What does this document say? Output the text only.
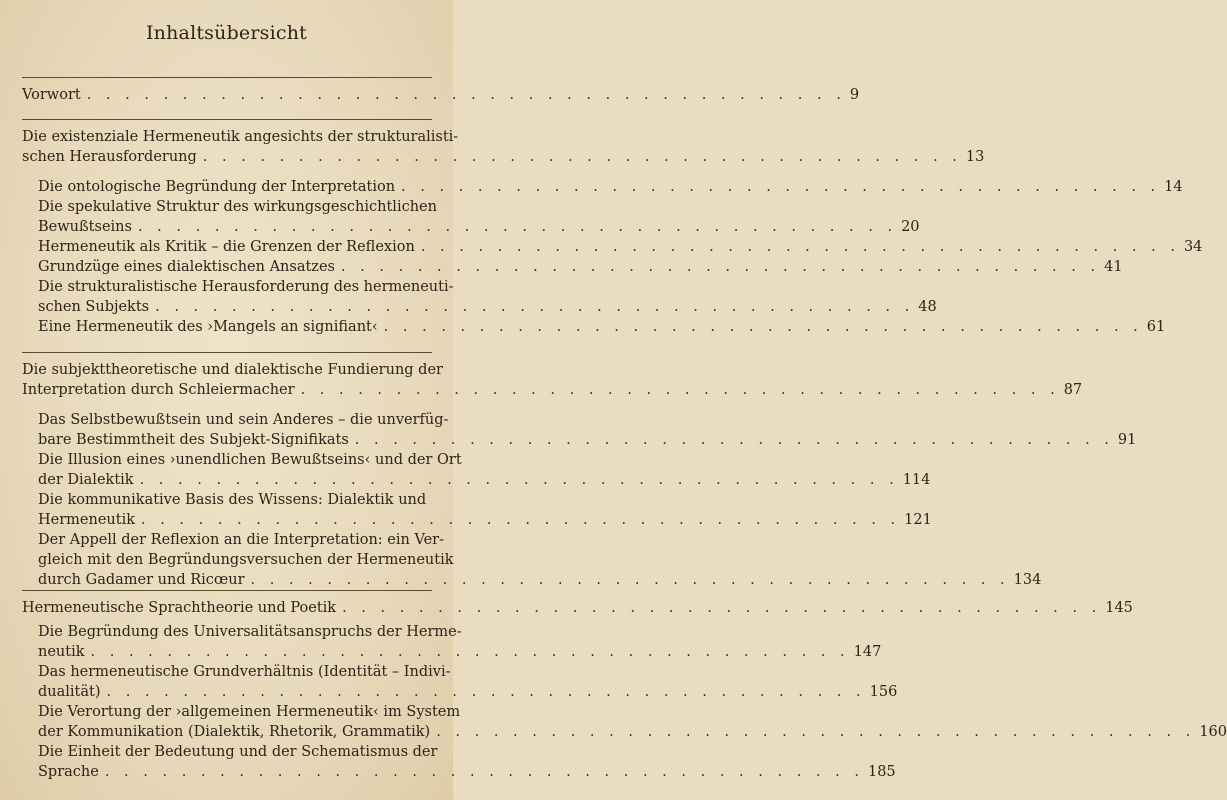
Inhaltsübersicht
Vorwort . . . . . . . . . . . . . . . . . . . . . . . . . . . . . . . . . . . . . . . . 9
Die existenziale Hermeneutik angesichts der strukturalisti-
schen Herausforderung . . . . . . . . . . . . . . . . . . . . . . . . . . . . . . . . . . . . . . . . 13
Die ontologische Begründung der Interpretation . . . . . . . . . . . . . . . . . . . . . . . . . . . . . . . . . . . . . . . . 14
Die spekulative Struktur des wirkungsgeschichtlichen
Bewußtseins . . . . . . . . . . . . . . . . . . . . . . . . . . . . . . . . . . . . . . . . 20
Hermeneutik als Kritik – die Grenzen der Reflexion . . . . . . . . . . . . . . . . . . . . . . . . . . . . . . . . . . . . . . . . 34
Grundzüge eines dialektischen Ansatzes . . . . . . . . . . . . . . . . . . . . . . . . . . . . . . . . . . . . . . . . 41
Die strukturalistische Herausforderung des hermeneuti-
schen Subjekts . . . . . . . . . . . . . . . . . . . . . . . . . . . . . . . . . . . . . . . . 48
Eine Hermeneutik des ›Mangels an signifiant‹ . . . . . . . . . . . . . . . . . . . . . . . . . . . . . . . . . . . . . . . . 61
Die subjekttheoretische und dialektische Fundierung der
Interpretation durch Schleiermacher . . . . . . . . . . . . . . . . . . . . . . . . . . . . . . . . . . . . . . . . 87
Das Selbstbewußtsein und sein Anderes – die unverfüg-
bare Bestimmtheit des Subjekt-Signifikats . . . . . . . . . . . . . . . . . . . . . . . . . . . . . . . . . . . . . . . . 91
Die Illusion eines ›unendlichen Bewußtseins‹ und der Ort
der Dialektik . . . . . . . . . . . . . . . . . . . . . . . . . . . . . . . . . . . . . . . . 114
Die kommunikative Basis des Wissens: Dialektik und
Hermeneutik . . . . . . . . . . . . . . . . . . . . . . . . . . . . . . . . . . . . . . . . 121
Der Appell der Reflexion an die Interpretation: ein Ver-
gleich mit den Begründungsversuchen der Hermeneutik
durch Gadamer und Ricœur . . . . . . . . . . . . . . . . . . . . . . . . . . . . . . . . . . . . . . . . 134
Hermeneutische Sprachtheorie und Poetik . . . . . . . . . . . . . . . . . . . . . . . . . . . . . . . . . . . . . . . . 145
Die Begründung des Universalitätsanspruchs der Herme-
neutik . . . . . . . . . . . . . . . . . . . . . . . . . . . . . . . . . . . . . . . . 147
Das hermeneutische Grundverhältnis (Identität – Indivi-
dualität) . . . . . . . . . . . . . . . . . . . . . . . . . . . . . . . . . . . . . . . . 156
Die Verortung der ›allgemeinen Hermeneutik‹ im System
der Kommunikation (Dialektik, Rhetorik, Grammatik) . . . . . . . . . . . . . . . . . . . . . . . . . . . . . . . . . . . . . . . . 160
Die Einheit der Bedeutung und der Schematismus der
Sprache . . . . . . . . . . . . . . . . . . . . . . . . . . . . . . . . . . . . . . . . 185
